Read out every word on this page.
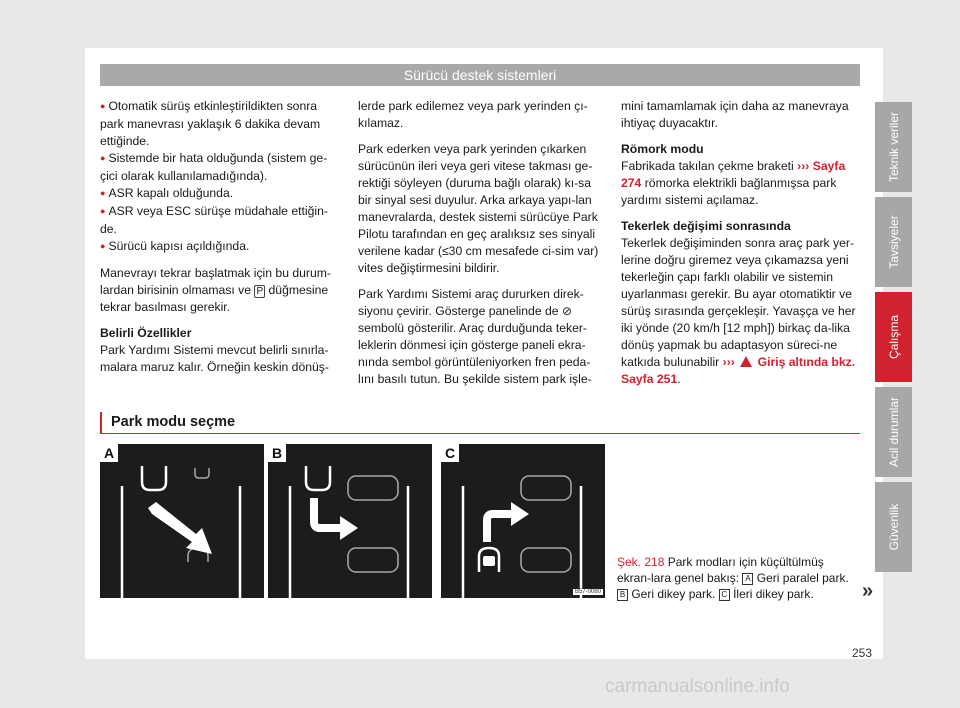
Sürücü destek sistemleri

● Otomatik sürüş etkinleştirildikten sonra park manevrası yaklaşık 6 dakika devam ettiğinde.

● Sistemde bir hata olduğunda (sistem ge-çici olarak kullanılamadığında).

● ASR kapalı olduğunda.

● ASR veya ESC sürüşe müdahale ettiğin-de.

● Sürücü kapısı açıldığında.

Manevrayı tekrar başlatmak için bu durum-lardan birisinin olmaması ve P düğmesine tekrar basılması gerekir.

Belirli Özellikler

Park Yardımı Sistemi mevcut belirli sınırla-malara maruz kalır. Örneğin keskin dönüş-

lerde park edilemez veya park yerinden çı-kılamaz.

Park ederken veya park yerinden çıkarken sürücünün ileri veya geri vitese takması ge-rektiği söyleyen (duruma bağlı olarak) kı-sa bir sinyal sesi duyulur. Arka arkaya yapı-lan manevralarda, destek sistemi sürücüye Park Pilotu tarafından en geç aralıksız ses sinyali verilene kadar (≤30 cm mesafede ci-sim var) vites değiştirmesini bildirir.

Park Yardımı Sistemi araç dururken direk-siyonu çevirir. Gösterge panelinde de ⊘ sembolü gösterilir. Araç durduğunda teker-leklerin dönmesi için gösterge paneli ekra-nında sembol görüntüleniyorken fren peda-lını basılı tutun. Bu şekilde sistem park işle-

mini tamamlamak için daha az manevraya ihtiyaç duyacaktır.

Römork modu

Fabrikada takılan çekme braketi ››› Sayfa 274 römorka elektrikli bağlanmışsa park yardımı sistemi açılamaz.

Tekerlek değişimi sonrasında

Tekerlek değişiminden sonra araç park yer-lerine doğru giremez veya çıkamazsa yeni tekerleğin çapı farklı olabilir ve sistemin uyarlanması gerekir. Bu ayar otomatiktir ve sürüş sırasında gerçekleşir. Yavaşça ve her iki yönde (20 km/h [12 mph]) birkaç da-lika dönüş yapmak bu adaptasyon süreci-ne katkıda bulunabilir ››› Giriş altında bkz. Sayfa 251.

Park modu seçme
A	B	C
B57-0080
Şek. 218 Park modları için küçültülmüş ekran-lara genel bakış: A Geri paralel park. B Geri dikey park. C İleri dikey park.	»
Teknik veriler
Tavsiyeler
Çalışma
Acil durumlar
Güvenlik
253
carmanualsonline.info
